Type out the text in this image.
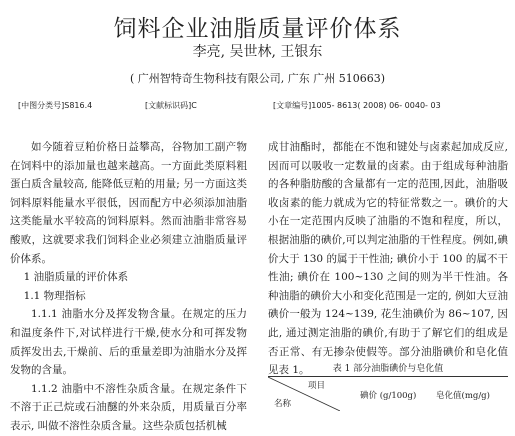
饲料企业油脂质量评价体系
李亮, 吴世林, 王银东
( 广州智特奇生物科技有限公司, 广东 广州 510663)
[中图分类号]S816.4	[文献标识码]C	[文章编号]1005- 8613( 2008) 06- 0040- 03

如今随着豆粕价格日益攀高，谷物加工副产物在饲料中的添加量也越来越高。一方面此类原料粗蛋白质含量较高, 能降低豆粕的用量; 另一方面这类饲料原料能量水平很低，因而配方中必须添加油脂这类能量水平较高的饲料原料。然而油脂非常容易酸败，这就要求我们饲料企业必须建立油脂质量评价体系。

1 油脂质量的评价体系

1.1 物理指标

1.1.1 油脂水分及挥发物含量。在规定的压力和温度条件下,对试样进行干燥,使水分和可挥发物质挥发出去,干燥前、后的重量差即为油脂水分及挥发物的含量。

1.1.2 油脂中不溶性杂质含量。在规定条件下不溶于正己烷或石油醚的外来杂质，用质量百分率表示, 叫做不溶性杂质含量。这些杂质包括机械

成甘油酯时，都能在不饱和键处与卤素起加成反应,因而可以吸收一定数量的卤素。由于组成每种油脂的各种脂肪酸的含量都有一定的范围,因此，油脂吸收卤素的能力就成为它的特征常数之一。碘价的大小在一定范围内反映了油脂的不饱和程度，所以，根据油脂的碘价,可以判定油脂的干性程度。例如,碘价大于 130 的属于干性油; 碘价小于 100 的属不干性油; 碘价在 100~130 之间的则为半干性油。各种油脂的碘价大小和变化范围是一定的, 例如大豆油碘价一般为 124~139, 花生油碘价为 86~107, 因此, 通过测定油脂的碘价,有助于了解它们的组成是否正常、有无掺杂使假等。部分油脂碘价和皂化值见表 1。	表 1 部分油脂碘价与皂化值
项目
名称
碘价 (g/100g) 皂化值(mg/g)
